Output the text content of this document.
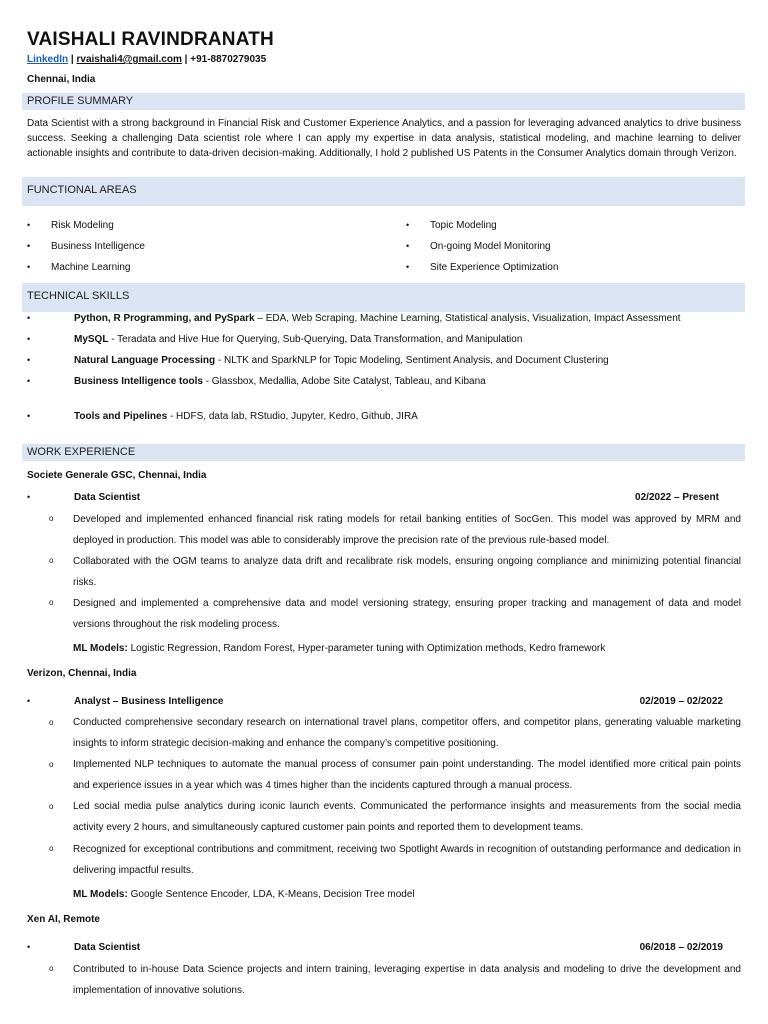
VAISHALI RAVINDRANATH
LinkedIn | rvaishali4@gmail.com | +91-8870279035
Chennai, India
PROFILE SUMMARY
Data Scientist with a strong background in Financial Risk and Customer Experience Analytics, and a passion for leveraging advanced analytics to drive business success. Seeking a challenging Data scientist role where I can apply my expertise in data analysis, statistical modeling, and machine learning to deliver actionable insights and contribute to data-driven decision-making. Additionally, I hold 2 published US Patents in the Consumer Analytics domain through Verizon.
FUNCTIONAL AREAS
• Risk Modeling
• Business Intelligence
• Machine Learning
• Topic Modeling
• On-going Model Monitoring
• Site Experience Optimization
TECHNICAL SKILLS
•	Python, R Programming, and PySpark – EDA, Web Scraping, Machine Learning, Statistical analysis, Visualization, Impact Assessment
•	MySQL - Teradata and Hive Hue for Querying, Sub-Querying, Data Transformation, and Manipulation
•	Natural Language Processing - NLTK and SparkNLP for Topic Modeling, Sentiment Analysis, and Document Clustering
•	Business Intelligence tools - Glassbox, Medallia, Adobe Site Catalyst, Tableau, and Kibana
•	Tools and Pipelines - HDFS, data lab, RStudio, Jupyter, Kedro, Github, JIRA
WORK EXPERIENCE
Societe Generale GSC, Chennai, India
•	Data Scientist	02/2022 – Present
o Developed and implemented enhanced financial risk rating models for retail banking entities of SocGen. This model was approved by MRM and deployed in production. This model was able to considerably improve the precision rate of the previous rule-based model.
o Collaborated with the OGM teams to analyze data drift and recalibrate risk models, ensuring ongoing compliance and minimizing potential financial risks.
o Designed and implemented a comprehensive data and model versioning strategy, ensuring proper tracking and management of data and model versions throughout the risk modeling process.
ML Models: Logistic Regression, Random Forest, Hyper-parameter tuning with Optimization methods, Kedro framework
Verizon, Chennai, India
•	Analyst – Business Intelligence	02/2019 – 02/2022
o Conducted comprehensive secondary research on international travel plans, competitor offers, and competitor plans, generating valuable marketing insights to inform strategic decision-making and enhance the company’s competitive positioning.
o Implemented NLP techniques to automate the manual process of consumer pain point understanding. The model identified more critical pain points and experience issues in a year which was 4 times higher than the incidents captured through a manual process.
o Led social media pulse analytics during iconic launch events. Communicated the performance insights and measurements from the social media activity every 2 hours, and simultaneously captured customer pain points and reported them to development teams.
o Recognized for exceptional contributions and commitment, receiving two Spotlight Awards in recognition of outstanding performance and dedication in delivering impactful results.
ML Models: Google Sentence Encoder, LDA, K-Means, Decision Tree model
Xen AI, Remote
•	Data Scientist	06/2018 – 02/2019
o Contributed to in-house Data Science projects and intern training, leveraging expertise in data analysis and modeling to drive the development and implementation of innovative solutions.
